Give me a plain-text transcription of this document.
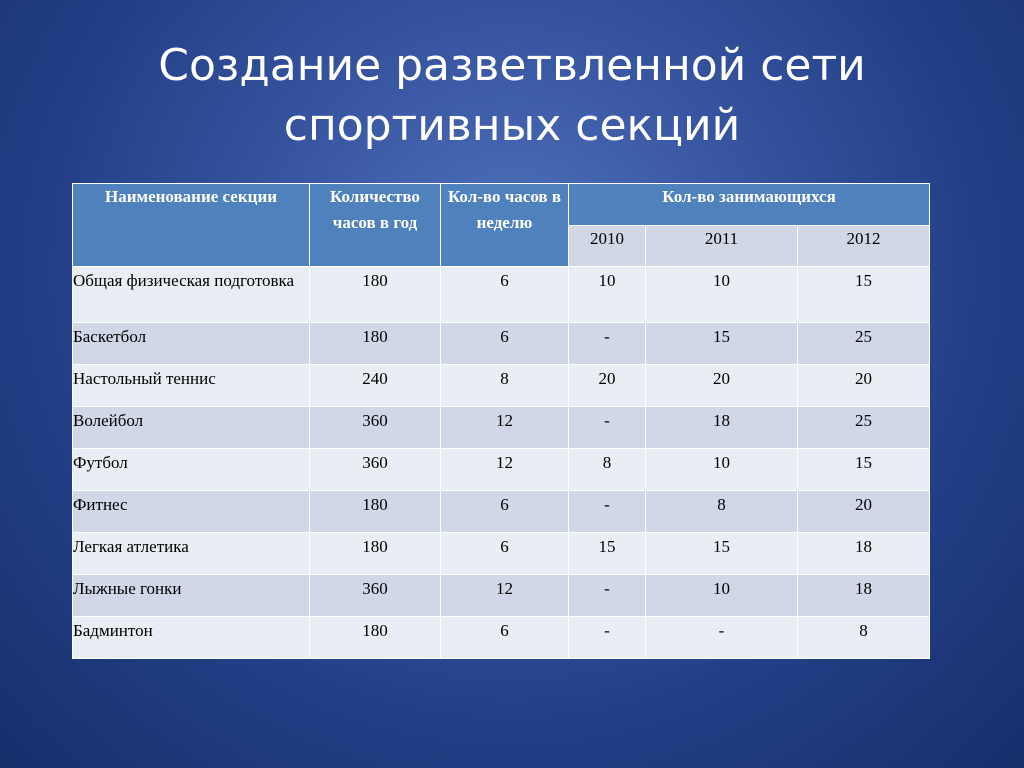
Создание разветвленной сети
спортивных секций
Наименование секции	Количество часов в год	Кол-во часов в неделю	Кол-во занимающихся		
			2010	2011	2012
Общая физическая подготовка	180	6	10	10	15
Баскетбол	180	6	-	15	25
Настольный теннис	240	8	20	20	20
Волейбол	360	12	-	18	25
Футбол	360	12	8	10	15
Фитнес	180	6	-	8	20
Легкая атлетика	180	6	15	15	18
Лыжные гонки	360	12	-	10	18
Бадминтон	180	6	-	-	8
